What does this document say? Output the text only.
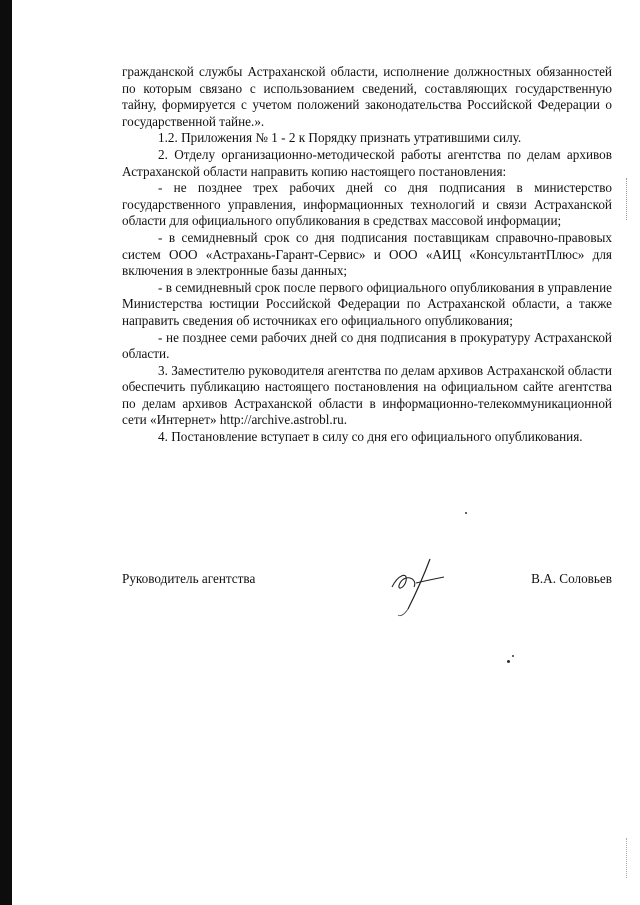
гражданской службы Астраханской области, исполнение должностных обязанностей по которым связано с использованием сведений, составляющих государственную тайну, формируется с учетом положений законодательства Российской Федерации о государственной тайне.».

1.2. Приложения № 1 - 2 к Порядку признать утратившими силу.

2. Отделу организационно-методической работы агентства по делам архивов Астраханской области направить копию настоящего постановления:

- не позднее трех рабочих дней со дня подписания в министерство государственного управления, информационных технологий и связи Астраханской области для официального опубликования в средствах массовой информации;

- в семидневный срок со дня подписания поставщикам справочно-правовых систем ООО «Астрахань-Гарант-Сервис» и ООО «АИЦ «КонсультантПлюс» для включения в электронные базы данных;

- в семидневный срок после первого официального опубликования в управление Министерства юстиции Российской Федерации по Астраханской области, а также направить сведения об источниках его официального опубликования;

- не позднее семи рабочих дней со дня подписания в прокуратуру Астраханской области.

3. Заместителю руководителя агентства по делам архивов Астраханской области обеспечить публикацию настоящего постановления на официальном сайте агентства по делам архивов Астраханской области в информационно-телекоммуникационной сети «Интернет» http://archive.astrobl.ru.

4. Постановление вступает в силу со дня его официального опубликования.

Руководитель агентства	В.А. Соловьев
